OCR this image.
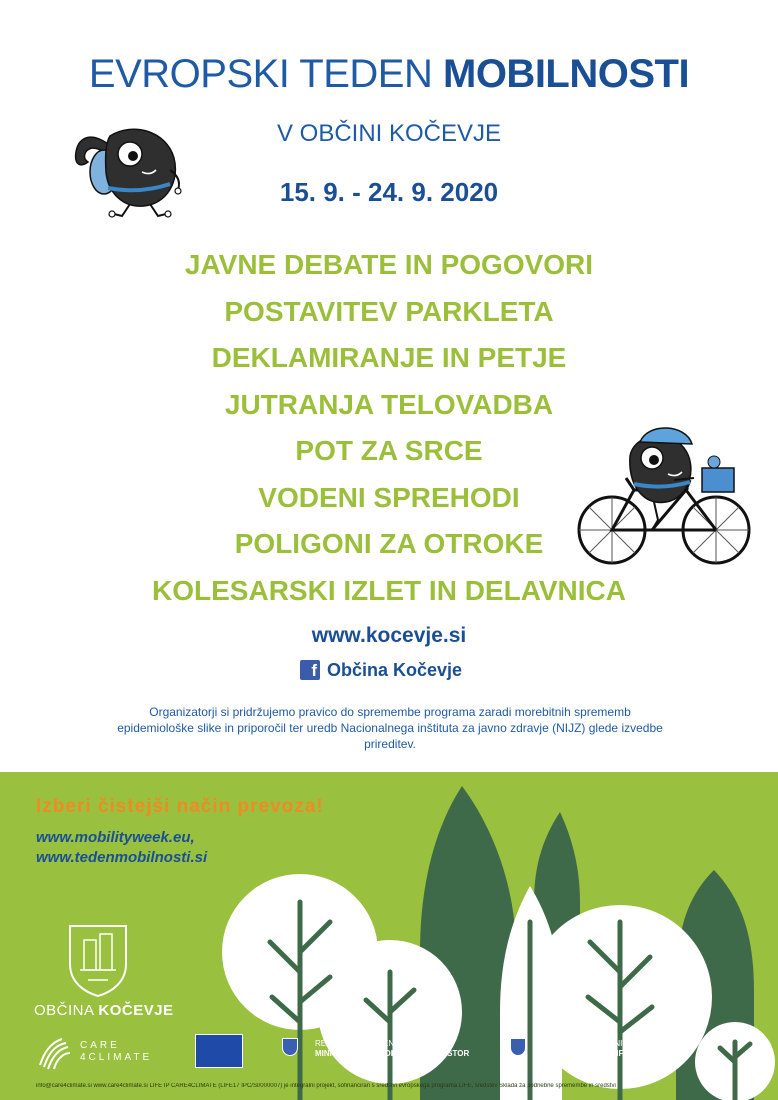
EVROPSKI TEDEN MOBILNOSTI
V OBČINI KOČEVJE
15. 9. - 24. 9. 2020
JAVNE DEBATE IN POGOVORI
POSTAVITEV PARKLETA
DEKLAMIRANJE IN PETJE
JUTRANJA TELOVADBA
POT ZA SRCE
VODENI SPREHODI
POLIGONI ZA OTROKE
KOLESARSKI IZLET IN DELAVNICA
www.kocevje.si
f Občina Kočevje
Organizatorji si pridržujemo pravico do spremembe programa zaradi morebitnih sprememb epidemiološke slike in priporočil ter uredb Nacionalnega inštituta za javno zdravje (NIJZ) glede izvedbe prireditev.
Izberi čistejši način prevoza!
www.mobilityweek.eu,
www.tedenmobilnosti.si
OBČINA KOČEVJE
CARE
4CLIMATE
REPUBLIKA SLOVENIJA
MINISTRSTVO ZA OKOLJE IN PROSTOR
REPUBLIKA SLOVENIJA
MINISTRSTVO ZA INFRASTRUKTURO
info@care4climate.si www.care4climate.si LIFE IP CARE4CLIMATE (LIFE17 IPC/SI/000007) je integralni projekt, sofinanciran s sredstvi evropskega programa LIFE, sredstev Sklada za podnebne spremembe in sredstvi
